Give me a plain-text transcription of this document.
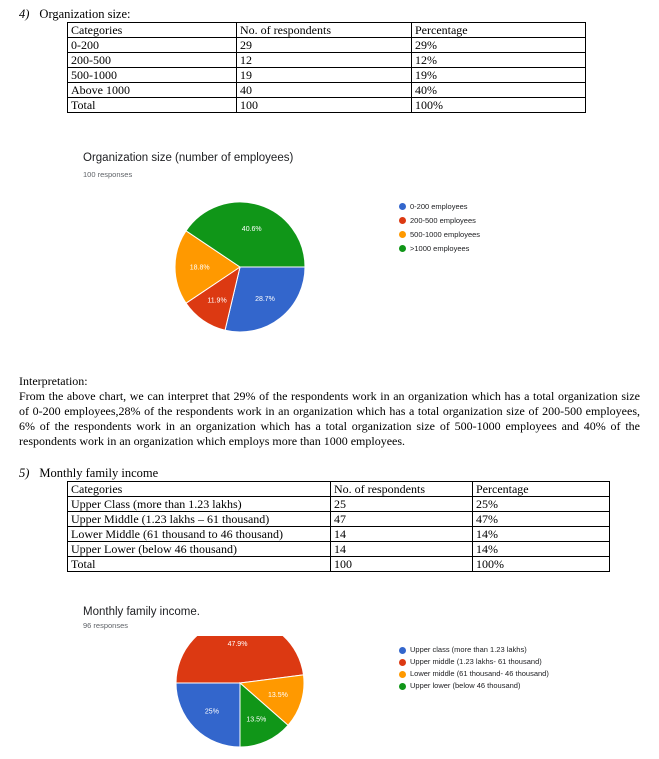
4) Organization size:
Categories	No. of respondents	Percentage
0-200	29	29%
200-500	12	12%
500-1000	19	19%
Above 1000	40	40%
Total	100	100%
Organization size (number of employees)
100 responses
28.7%
11.9%
18.8%
40.6%
0-200 employees
200-500 employees
500-1000 employees
>1000 employees
Interpretation:
From the above chart, we can interpret that 29% of the respondents work in an organization which has a total organization size of 0-200 employees,28% of the respondents work in an organization which has a total organization size of 200-500 employees, 6% of the respondents work in an organization which has a total organization size of 500-1000 employees and 40% of the respondents work in an organization which employs more than 1000 employees.
5) Monthly family income
Categories	No. of respondents	Percentage
Upper Class (more than 1.23 lakhs)	25	25%
Upper Middle (1.23 lakhs – 61 thousand)	47	47%
Lower Middle (61 thousand to 46 thousand)	14	14%
Upper Lower (below 46 thousand)	14	14%
Total	100	100%
Monthly family income.
96 responses
25%
47.9%
13.5%
13.5%
Upper class (more than 1.23 lakhs)
Upper middle (1.23 lakhs- 61 thousand)
Lower middle (61 thousand- 46 thousand)
Upper lower (below 46 thousand)
